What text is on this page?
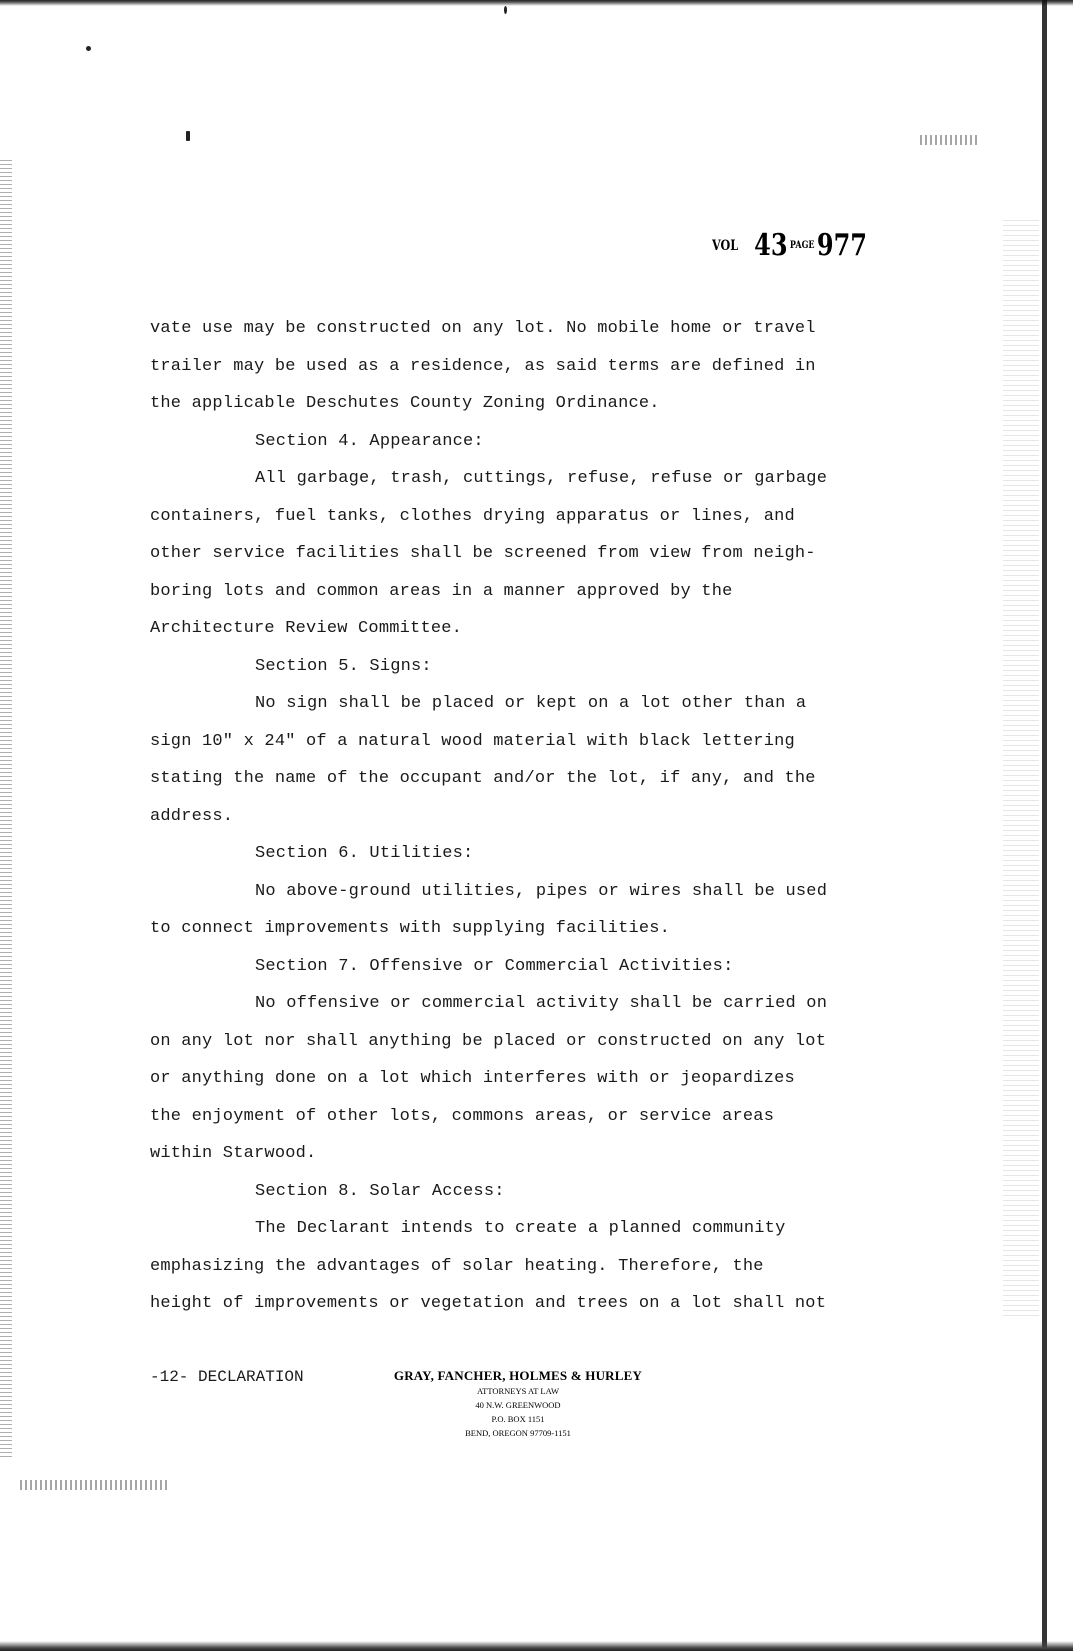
VOL 43 PAGE977
vate use may be constructed on any lot. No mobile home or travel
trailer may be used as a residence, as said terms are defined in
the applicable Deschutes County Zoning Ordinance.
Section 4. Appearance:
All garbage, trash, cuttings, refuse, refuse or garbage
containers, fuel tanks, clothes drying apparatus or lines, and
other service facilities shall be screened from view from neigh-
boring lots and common areas in a manner approved by the
Architecture Review Committee.
Section 5. Signs:
No sign shall be placed or kept on a lot other than a
sign 10" x 24" of a natural wood material with black lettering
stating the name of the occupant and/or the lot, if any, and the
address.
Section 6. Utilities:
No above-ground utilities, pipes or wires shall be used
to connect improvements with supplying facilities.
Section 7. Offensive or Commercial Activities:
No offensive or commercial activity shall be carried on
on any lot nor shall anything be placed or constructed on any lot
or anything done on a lot which interferes with or jeopardizes
the enjoyment of other lots, commons areas, or service areas
within Starwood.
Section 8. Solar Access:
The Declarant intends to create a planned community
emphasizing the advantages of solar heating. Therefore, the
height of improvements or vegetation and trees on a lot shall not
-12- DECLARATION	GRAY, FANCHER, HOLMES & HURLEY
ATTORNEYS AT LAW
40 N.W. GREENWOOD
P.O. BOX 1151
BEND, OREGON 97709-1151
